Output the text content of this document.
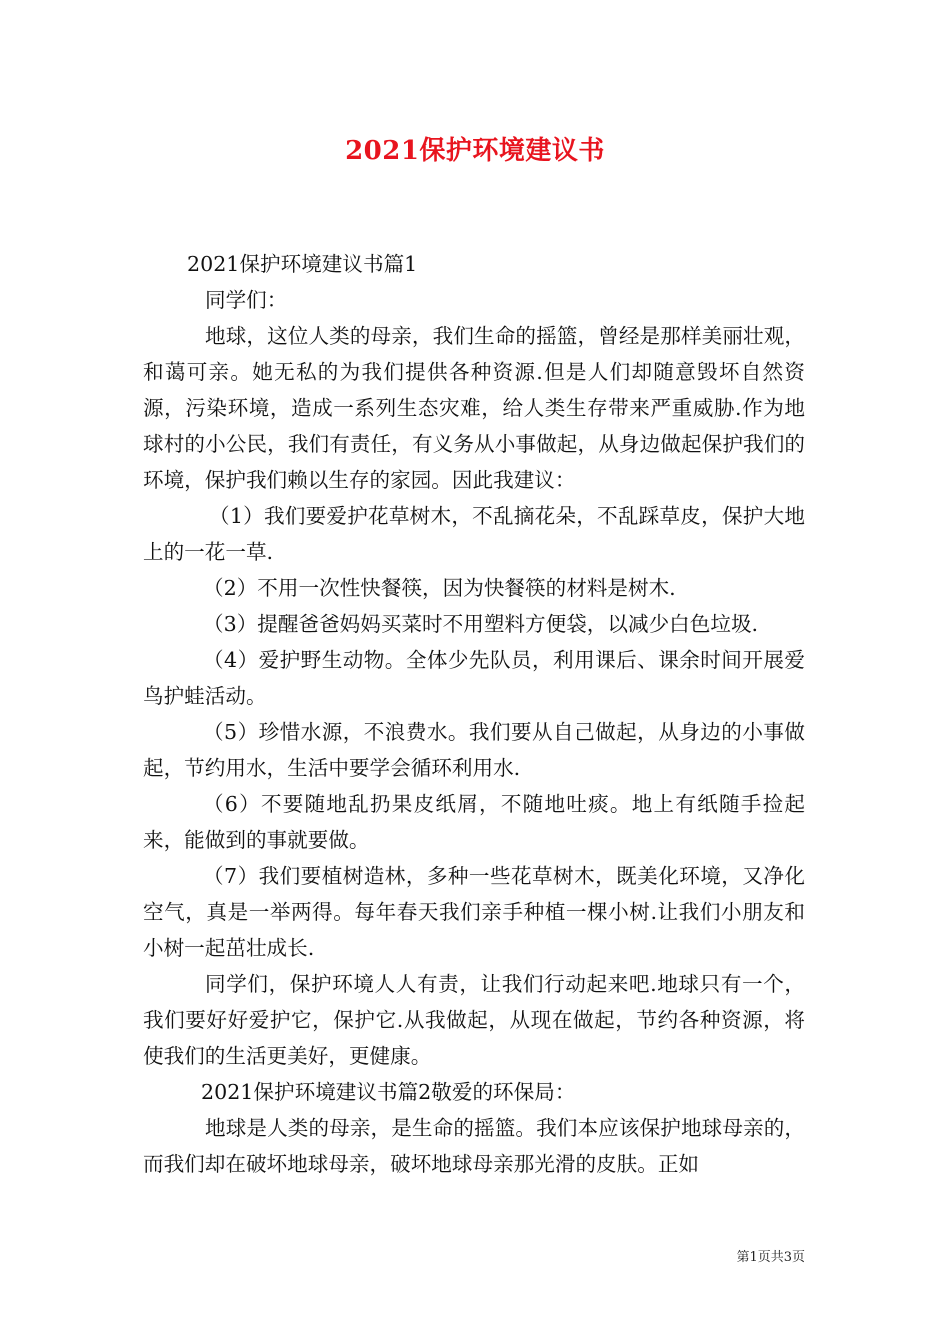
2021保护环境建议书

2021保护环境建议书篇1

同学们：

地球，这位人类的母亲，我们生命的摇篮，曾经是那样美丽壮观，和蔼可亲。她无私的为我们提供各种资源.但是人们却随意毁坏自然资源，污染环境，造成一系列生态灾难，给人类生存带来严重威胁.作为地球村的小公民，我们有责任，有义务从小事做起，从身边做起保护我们的环境，保护我们赖以生存的家园。因此我建议：

（1）我们要爱护花草树木，不乱摘花朵，不乱踩草皮，保护大地上的一花一草.

（2）不用一次性快餐筷，因为快餐筷的材料是树木.

（3）提醒爸爸妈妈买菜时不用塑料方便袋，以减少白色垃圾.

（4）爱护野生动物。全体少先队员，利用课后、课余时间开展爱鸟护蛙活动。

（5）珍惜水源，不浪费水。我们要从自己做起，从身边的小事做起，节约用水，生活中要学会循环利用水.

（6）不要随地乱扔果皮纸屑，不随地吐痰。地上有纸随手捡起来，能做到的事就要做。

（7）我们要植树造林，多种一些花草树木，既美化环境，又净化空气，真是一举两得。每年春天我们亲手种植一棵小树.让我们小朋友和小树一起茁壮成长.

同学们，保护环境人人有责，让我们行动起来吧.地球只有一个，我们要好好爱护它，保护它.从我做起，从现在做起，节约各种资源，将使我们的生活更美好，更健康。

2021保护环境建议书篇2敬爱的环保局：

地球是人类的母亲，是生命的摇篮。我们本应该保护地球母亲的，而我们却在破坏地球母亲，破坏地球母亲那光滑的皮肤。正如

第1页共3页
